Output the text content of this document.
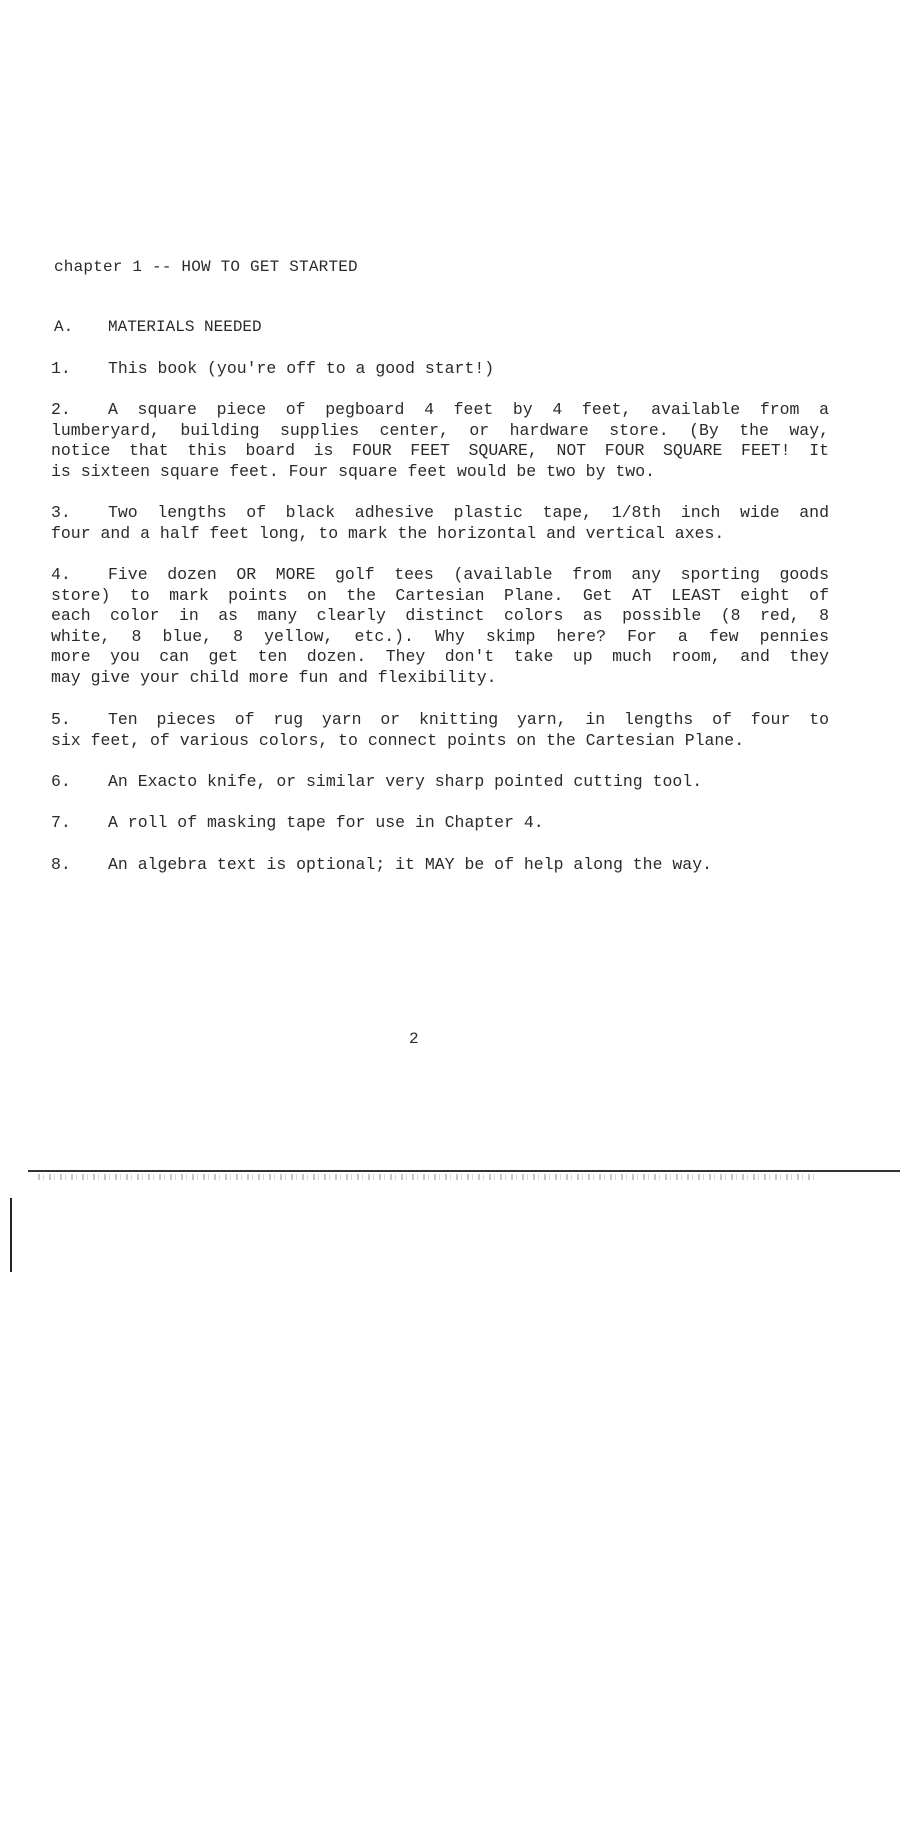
chapter 1 -- HOW TO GET STARTED
A. MATERIALS NEEDED
1. This book (you're off to a good start!)
2. A square piece of pegboard 4 feet by 4 feet, available from a
lumberyard, building supplies center, or hardware store. (By the way,
notice that this board is FOUR FEET SQUARE, NOT FOUR SQUARE FEET! It
is sixteen square feet. Four square feet would be two by two.
3. Two lengths of black adhesive plastic tape, 1/8th inch wide and
four and a half feet long, to mark the horizontal and vertical axes.
4. Five dozen OR MORE golf tees (available from any sporting goods
store) to mark points on the Cartesian Plane. Get AT LEAST eight of
each color in as many clearly distinct colors as possible (8 red, 8
white, 8 blue, 8 yellow, etc.). Why skimp here? For a few pennies
more you can get ten dozen. They don't take up much room, and they
may give your child more fun and flexibility.
5. Ten pieces of rug yarn or knitting yarn, in lengths of four to
six feet, of various colors, to connect points on the Cartesian Plane.
6. An Exacto knife, or similar very sharp pointed cutting tool.
7. A roll of masking tape for use in Chapter 4.
8. An algebra text is optional; it MAY be of help along the way.
2
